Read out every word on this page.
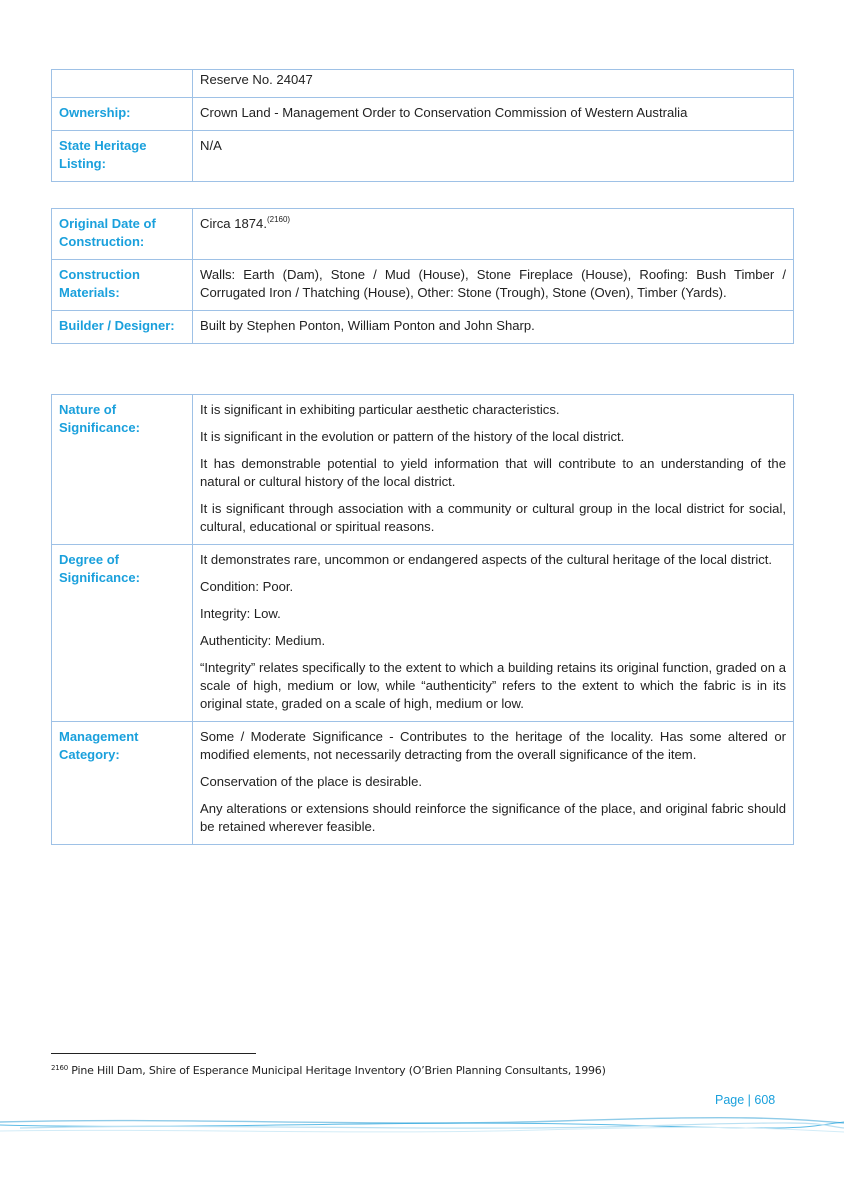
	Reserve No. 24047
Ownership:	Crown Land - Management Order to Conservation Commission of Western Australia
State Heritage Listing:	N/A
Original Date of Construction:	Circa 1874.$^{(2160)}$
Construction Materials:	Walls: Earth (Dam), Stone / Mud (House), Stone Fireplace (House), Roofing: Bush Timber / Corrugated Iron / Thatching (House), Other: Stone (Trough), Stone (Oven), Timber (Yards).
Builder / Designer:	Built by Stephen Ponton, William Ponton and John Sharp.
Nature of Significance:	It is significant in exhibiting particular aesthetic characteristics.

It is significant in the evolution or pattern of the history of the local district.

It has demonstrable potential to yield information that will contribute to an understanding of the natural or cultural history of the local district.

It is significant through association with a community or cultural group in the local district for social, cultural, educational or spiritual reasons.

Degree of Significance:	It demonstrates rare, uncommon or endangered aspects of the cultural heritage of the local district.

Condition: Poor.

Integrity: Low.

Authenticity: Medium.

“Integrity” relates specifically to the extent to which a building retains its original function, graded on a scale of high, medium or low, while “authenticity” refers to the extent to which the fabric is in its original state, graded on a scale of high, medium or low.

Management Category:	Some / Moderate Significance - Contributes to the heritage of the locality. Has some altered or modified elements, not necessarily detracting from the overall significance of the item.

Conservation of the place is desirable.

Any alterations or extensions should reinforce the significance of the place, and original fabric should be retained wherever feasible.

$^{2160}$ Pine Hill Dam, Shire of Esperance Municipal Heritage Inventory (O’Brien Planning Consultants, 1996)
Page | 608
